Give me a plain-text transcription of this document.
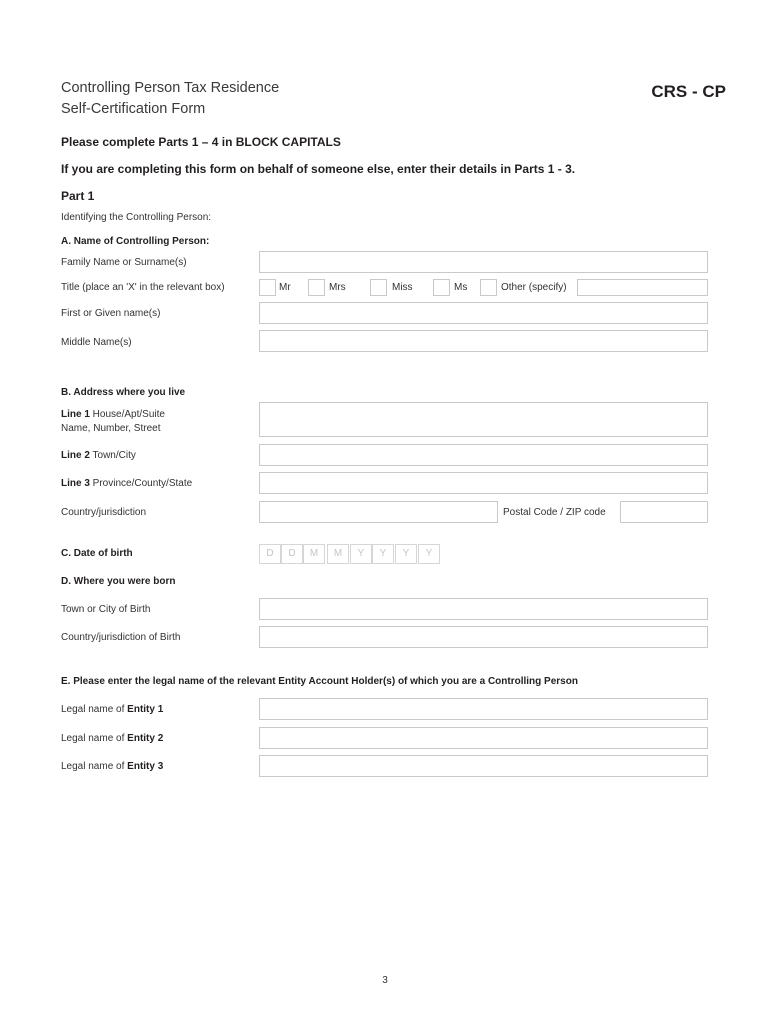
Controlling Person Tax Residence
Self-Certification Form
CRS - CP
Please complete Parts 1 – 4 in BLOCK CAPITALS
If you are completing this form on behalf of someone else, enter their details in Parts 1 - 3.
Part 1
Identifying the Controlling Person:
A. Name of Controlling Person:
Family Name or Surname(s)
Title (place an 'X' in the relevant box)	Mr	Mrs	Miss	Ms	Other (specify)
First or Given name(s)
Middle Name(s)
B. Address where you live
Line 1 House/Apt/Suite
Name, Number, Street
Line 2 Town/City
Line 3 Province/County/State
Country/jurisdiction	Postal Code / ZIP code
C. Date of birth	D	D	M	M	Y	Y	Y	Y
D. Where you were born
Town or City of Birth
Country/jurisdiction of Birth
E. Please enter the legal name of the relevant Entity Account Holder(s) of which you are a Controlling Person
Legal name of Entity 1
Legal name of Entity 2
Legal name of Entity 3
3
